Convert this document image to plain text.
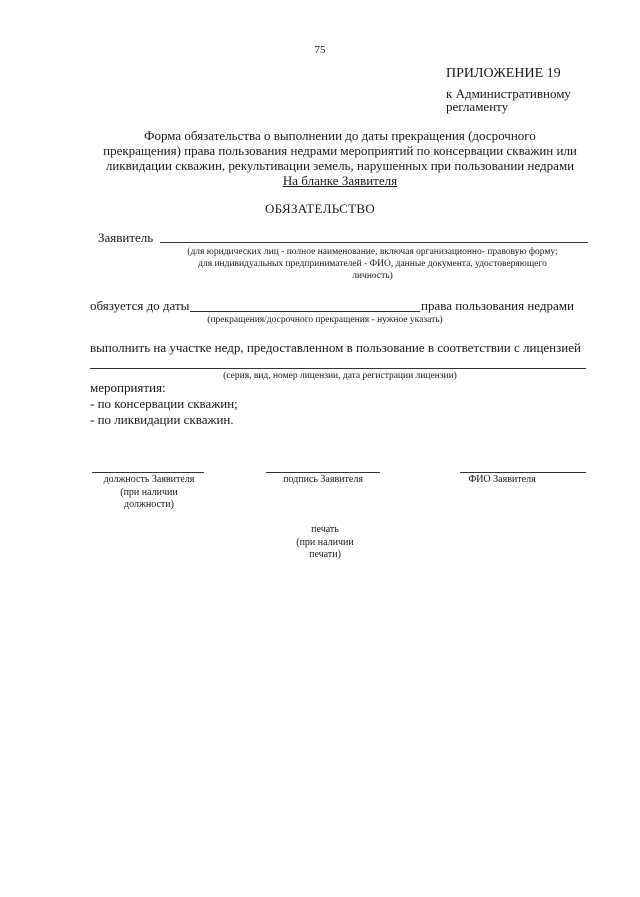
75
ПРИЛОЖЕНИЕ 19
к Административному
регламенту
Форма обязательства о выполнении до даты прекращения (досрочного
прекращения) права пользования недрами мероприятий по консервации скважин или
ликвидации скважин, рекультивации земель, нарушенных при пользовании недрами
На бланке Заявителя
ОБЯЗАТЕЛЬСТВО
Заявитель
(для юридических лиц - полное наименование, включая организационно- правовую форму;
для индивидуальных предпринимателей - ФИО, данные документа, удостоверяющего
личность)
обязуется до даты	права пользования недрами
(прекращения/досрочного прекращения - нужное указать)
выполнить на участке недр, предоставленном в пользование в соответствии с лицензией
(серия, вид, номер лицензии, дата регистрации лицензии)
мероприятия:
- по консервации скважин;
- по ликвидации скважин.
должность Заявителя
(при наличии
должности)
подпись Заявителя	ФИО Заявителя
печать
(при наличии
печати)
